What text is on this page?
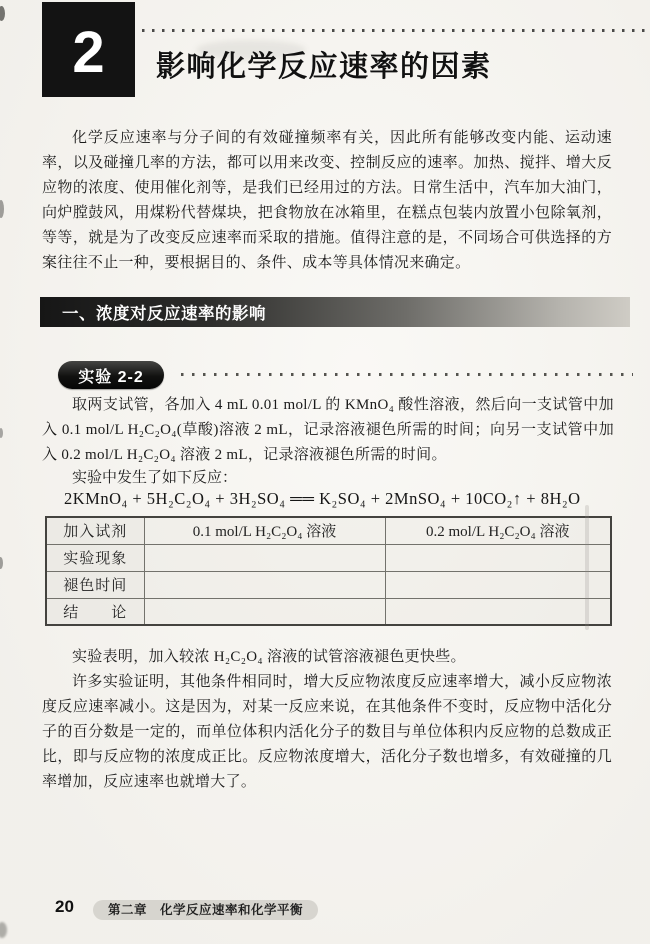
2 影响化学反应速率的因素

化学反应速率与分子间的有效碰撞频率有关，因此所有能够改变内能、运动速率，以及碰撞几率的方法，都可以用来改变、控制反应的速率。加热、搅拌、增大反应物的浓度、使用催化剂等，是我们已经用过的方法。日常生活中，汽车加大油门，向炉膛鼓风，用煤粉代替煤块，把食物放在冰箱里，在糕点包装内放置小包除氧剂，等等，就是为了改变反应速率而采取的措施。值得注意的是，不同场合可供选择的方案往往不止一种，要根据目的、条件、成本等具体情况来确定。

一、浓度对反应速率的影响
实验 2-2

取两支试管，各加入 4 mL 0.01 mol/L 的 KMnO₄ 酸性溶液，然后向一支试管中加入 0.1 mol/L H₂C₂O₄(草酸)溶液 2 mL，记录溶液褪色所需的时间；向另一支试管中加入 0.2 mol/L H₂C₂O₄ 溶液 2 mL，记录溶液褪色所需的时间。

实验中发生了如下反应：

2KMnO₄ + 5H₂C₂O₄ + 3H₂SO₄ ══ K₂SO₄ + 2MnSO₄ + 10CO₂↑ + 8H₂O
加入试剂	0.1 mol/L H₂C₂O₄ 溶液	0.2 mol/L H₂C₂O₄ 溶液
实验现象		
褪色时间		
结　　论		

实验表明，加入较浓 H₂C₂O₄ 溶液的试管溶液褪色更快些。

许多实验证明，其他条件相同时，增大反应物浓度反应速率增大，减小反应物浓度反应速率减小。这是因为，对某一反应来说，在其他条件不变时，反应物中活化分子的百分数是一定的，而单位体积内活化分子的数目与单位体积内反应物的总数成正比，即与反应物的浓度成正比。反应物浓度增大，活化分子数也增多，有效碰撞的几率增加，反应速率也就增大了。

20	第二章　化学反应速率和化学平衡
